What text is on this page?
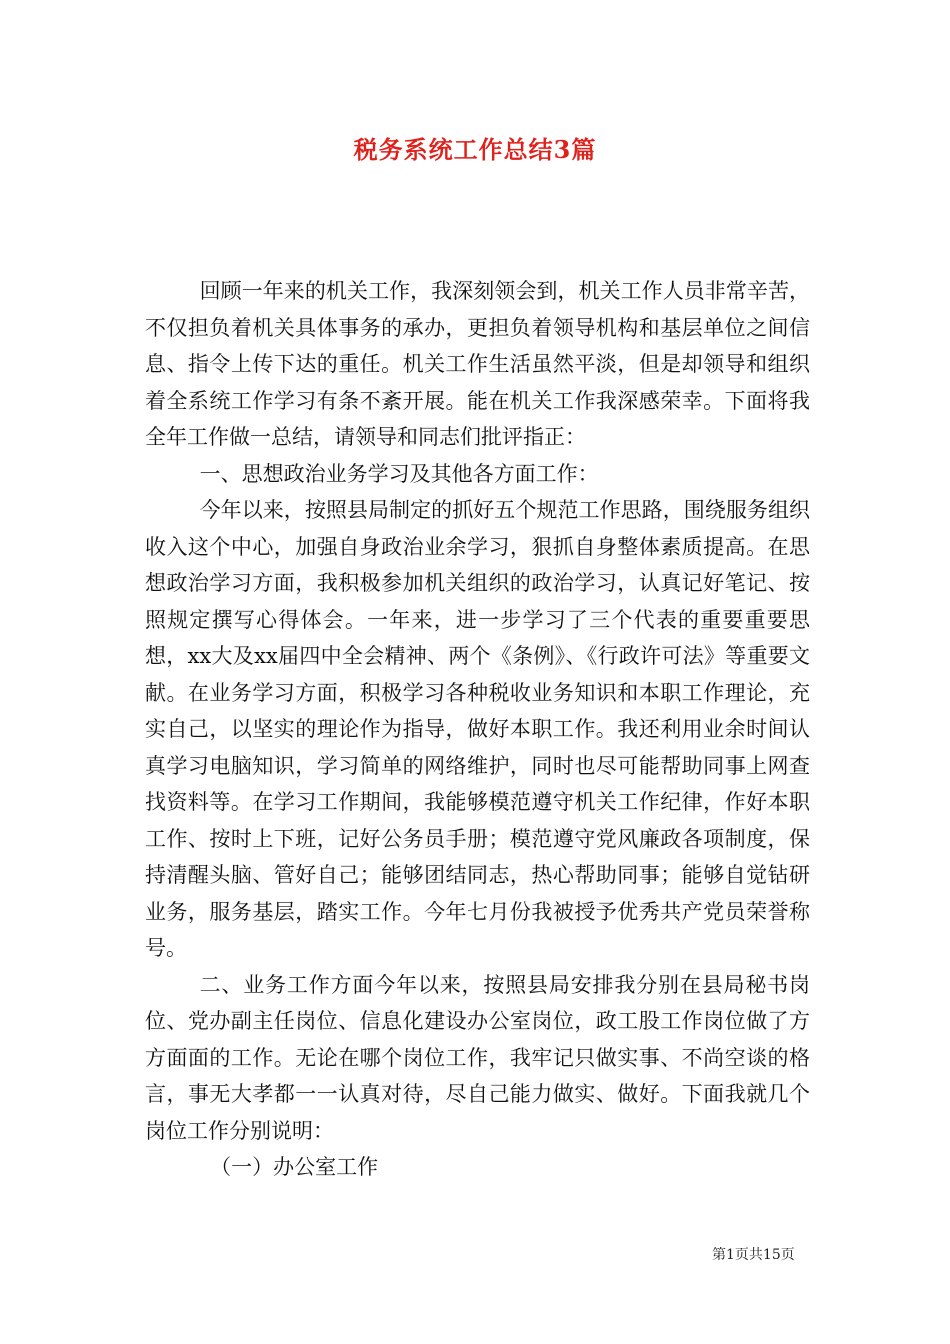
税务系统工作总结3篇

回顾一年来的机关工作，我深刻领会到，机关工作人员非常辛苦，不仅担负着机关具体事务的承办，更担负着领导机构和基层单位之间信息、指令上传下达的重任。机关工作生活虽然平淡，但是却领导和组织着全系统工作学习有条不紊开展。能在机关工作我深感荣幸。下面将我全年工作做一总结，请领导和同志们批评指正：

一、思想政治业务学习及其他各方面工作：

今年以来，按照县局制定的抓好五个规范工作思路，围绕服务组织收入这个中心，加强自身政治业余学习，狠抓自身整体素质提高。在思想政治学习方面，我积极参加机关组织的政治学习，认真记好笔记、按照规定撰写心得体会。一年来，进一步学习了三个代表的重要重要思想，xx大及xx届四中全会精神、两个《条例》、《行政许可法》等重要文献。在业务学习方面，积极学习各种税收业务知识和本职工作理论，充实自己，以坚实的理论作为指导，做好本职工作。我还利用业余时间认真学习电脑知识，学习简单的网络维护，同时也尽可能帮助同事上网查找资料等。在学习工作期间，我能够模范遵守机关工作纪律，作好本职工作、按时上下班，记好公务员手册；模范遵守党风廉政各项制度，保持清醒头脑、管好自己；能够团结同志，热心帮助同事；能够自觉钻研业务，服务基层，踏实工作。今年七月份我被授予优秀共产党员荣誉称号。

二、业务工作方面今年以来，按照县局安排我分别在县局秘书岗位、党办副主任岗位、信息化建设办公室岗位，政工股工作岗位做了方方面面的工作。无论在哪个岗位工作，我牢记只做实事、不尚空谈的格言，事无大孝都一一认真对待，尽自己能力做实、做好。下面我就几个岗位工作分别说明：

（一）办公室工作

第1页共15页
